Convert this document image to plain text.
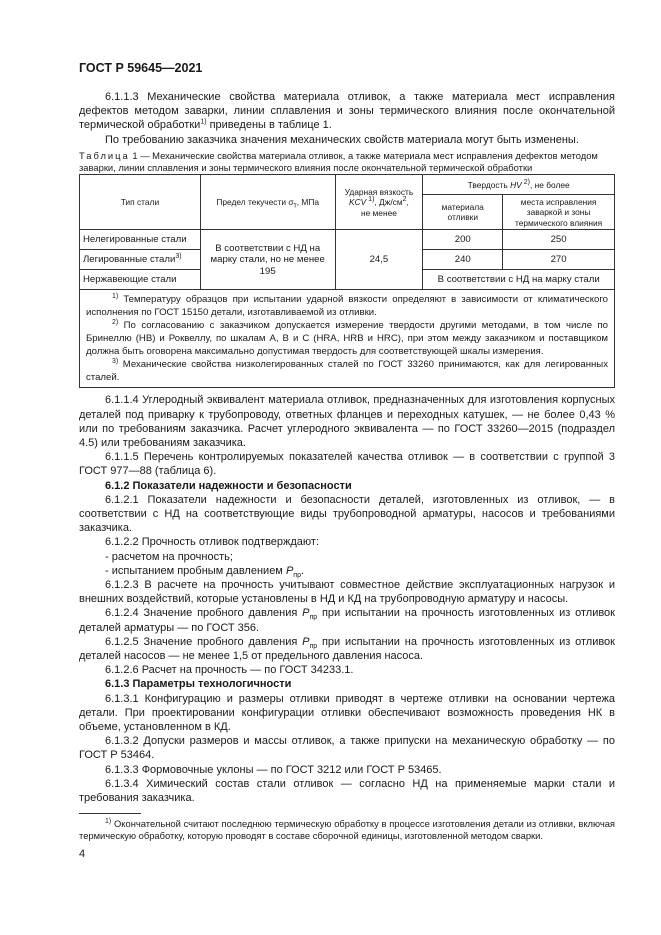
ГОСТ Р 59645—2021

6.1.1.3 Механические свойства материала отливок, а также материала мест исправления дефектов методом заварки, линии сплавления и зоны термического влияния после окончательной термической обработки$^{1)}$ приведены в таблице 1.

По требованию заказчика значения механических свойств материала могут быть изменены.

Таблица 1 — Механические свойства материала отливок, а также материала мест исправления дефектов методом заварки, линии сплавления и зоны термического влияния после окончательной термической обработки
Тип стали	Предел текучести $\sigma_т$, МПа	Ударная вязкость
KCV $^{1)}$, $Дж/см^2$,
не менее	Твердость HV $^{2)}$, не более	
			материала отливки	места исправления заваркой и зоны термического влияния
Нелегированные стали	В соответствии с НД на марку стали, но не менее 195	24,5	200	250
Легированные стали$^{3)}$			240	270
Нержавеющие стали			В соответствии с НД на марку стали	

$^{1)}$ Температуру образцов при испытании ударной вязкости определяют в зависимости от климатического исполнения по ГОСТ 15150 детали, изготавливаемой из отливки.
$^{2)}$ По согласованию с заказчиком допускается измерение твердости другими методами, в том числе по Бринеллю (HB) и Роквеллу, по шкалам А, В и С (HRA, HRB и HRC), при этом между заказчиком и поставщиком должна быть оговорена максимально допустимая твердость для соответствующей шкалы измерения.
$^{3)}$ Механические свойства низколегированных сталей по ГОСТ 33260 принимаются, как для легированных сталей.				

6.1.1.4 Углеродный эквивалент материала отливок, предназначенных для изготовления корпусных деталей под приварку к трубопроводу, ответных фланцев и переходных катушек, — не более 0,43 % или по требованиям заказчика. Расчет углеродного эквивалента — по ГОСТ 33260—2015 (подраздел 4.5) или требованиям заказчика.

6.1.1.5 Перечень контролируемых показателей качества отливок — в соответствии с группой 3 ГОСТ 977—88 (таблица 6).

6.1.2 Показатели надежности и безопасности

6.1.2.1 Показатели надежности и безопасности деталей, изготовленных из отливок, — в соответствии с НД на соответствующие виды трубопроводной арматуры, насосов и требованиями заказчика.

6.1.2.2 Прочность отливок подтверждают:

- расчетом на прочность;
- испытанием пробным давлением $P_{пр}$.

6.1.2.3 В расчете на прочность учитывают совместное действие эксплуатационных нагрузок и внешних воздействий, которые установлены в НД и КД на трубопроводную арматуру и насосы.

6.1.2.4 Значение пробного давления $P_{пр}$ при испытании на прочность изготовленных из отливок деталей арматуры — по ГОСТ 356.

6.1.2.5 Значение пробного давления $P_{пр}$ при испытании на прочность изготовленных из отливок деталей насосов — не менее 1,5 от предельного давления насоса.

6.1.2.6 Расчет на прочность — по ГОСТ 34233.1.

6.1.3 Параметры технологичности

6.1.3.1 Конфигурацию и размеры отливки приводят в чертеже отливки на основании чертежа детали. При проектировании конфигурации отливки обеспечивают возможность проведения НК в объеме, установленном в КД.

6.1.3.2 Допуски размеров и массы отливок, а также припуски на механическую обработку — по ГОСТ Р 53464.

6.1.3.3 Формовочные уклоны — по ГОСТ 3212 или ГОСТ Р 53465.

6.1.3.4 Химический состав стали отливок — согласно НД на применяемые марки стали и требования заказчика.

$^{1)}$ Окончательной считают последнюю термическую обработку в процессе изготовления детали из отливки, включая термическую обработку, которую проводят в составе сборочной единицы, изготовленной методом сварки.
4
